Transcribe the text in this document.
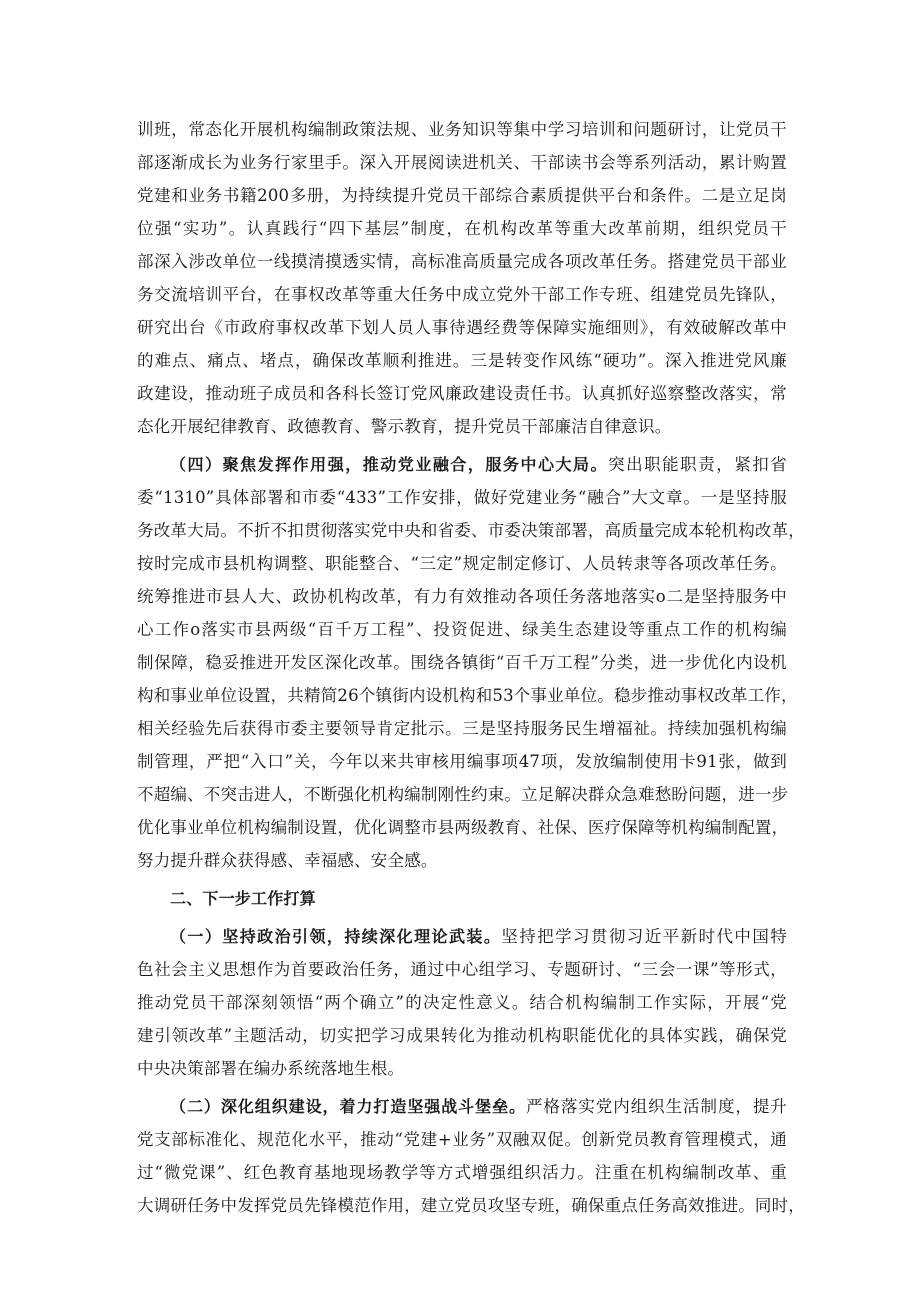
训班，常态化开展机构编制政策法规、业务知识等集中学习培训和问题研讨，让党员干
部逐渐成长为业务行家里手。深入开展阅读进机关、干部读书会等系列活动，累计购置
党建和业务书籍200多册，为持续提升党员干部综合素质提供平台和条件。二是立足岗
位强“实功”。认真践行“四下基层”制度，在机构改革等重大改革前期，组织党员干
部深入涉改单位一线摸清摸透实情，高标准高质量完成各项改革任务。搭建党员干部业
务交流培训平台，在事权改革等重大任务中成立党外干部工作专班、组建党员先锋队，
研究出台《市政府事权改革下划人员人事待遇经费等保障实施细则》，有效破解改革中
的难点、痛点、堵点，确保改革顺利推进。三是转变作风练“硬功”。深入推进党风廉
政建设，推动班子成员和各科长签订党风廉政建设责任书。认真抓好巡察整改落实，常
态化开展纪律教育、政德教育、警示教育，提升党员干部廉洁自律意识。
（四）聚焦发挥作用强，推动党业融合，服务中心大局。突出职能职责，紧扣省
委“1310”具体部署和市委“433”工作安排，做好党建业务“融合”大文章。一是坚持服
务改革大局。不折不扣贯彻落实党中央和省委、市委决策部署，高质量完成本轮机构改革，
按时完成市县机构调整、职能整合、“三定”规定制定修订、人员转隶等各项改革任务。
统筹推进市县人大、政协机构改革，有力有效推动各项任务落地落实o二是坚持服务中
心工作o落实市县两级“百千万工程”、投资促进、绿美生态建设等重点工作的机构编
制保障，稳妥推进开发区深化改革。围绕各镇街“百千万工程”分类，进一步优化内设机
构和事业单位设置，共精简26个镇街内设机构和53个事业单位。稳步推动事权改革工作，
相关经验先后获得市委主要领导肯定批示。三是坚持服务民生增福祉。持续加强机构编
制管理，严把“入口”关，今年以来共审核用编事项47项，发放编制使用卡91张，做到
不超编、不突击进人，不断强化机构编制刚性约束。立足解决群众急难愁盼问题，进一步
优化事业单位机构编制设置，优化调整市县两级教育、社保、医疗保障等机构编制配置，
努力提升群众获得感、幸福感、安全感。
二、下一步工作打算
（一）坚持政治引领，持续深化理论武装。坚持把学习贯彻习近平新时代中国特
色社会主义思想作为首要政治任务，通过中心组学习、专题研讨、“三会一课”等形式，
推动党员干部深刻领悟“两个确立”的决定性意义。结合机构编制工作实际，开展“党
建引领改革”主题活动，切实把学习成果转化为推动机构职能优化的具体实践，确保党
中央决策部署在编办系统落地生根。
（二）深化组织建设，着力打造坚强战斗堡垒。严格落实党内组织生活制度，提升
党支部标准化、规范化水平，推动“党建+业务”双融双促。创新党员教育管理模式，通
过“微党课”、红色教育基地现场教学等方式增强组织活力。注重在机构编制改革、重
大调研任务中发挥党员先锋模范作用，建立党员攻坚专班，确保重点任务高效推进。同时，
